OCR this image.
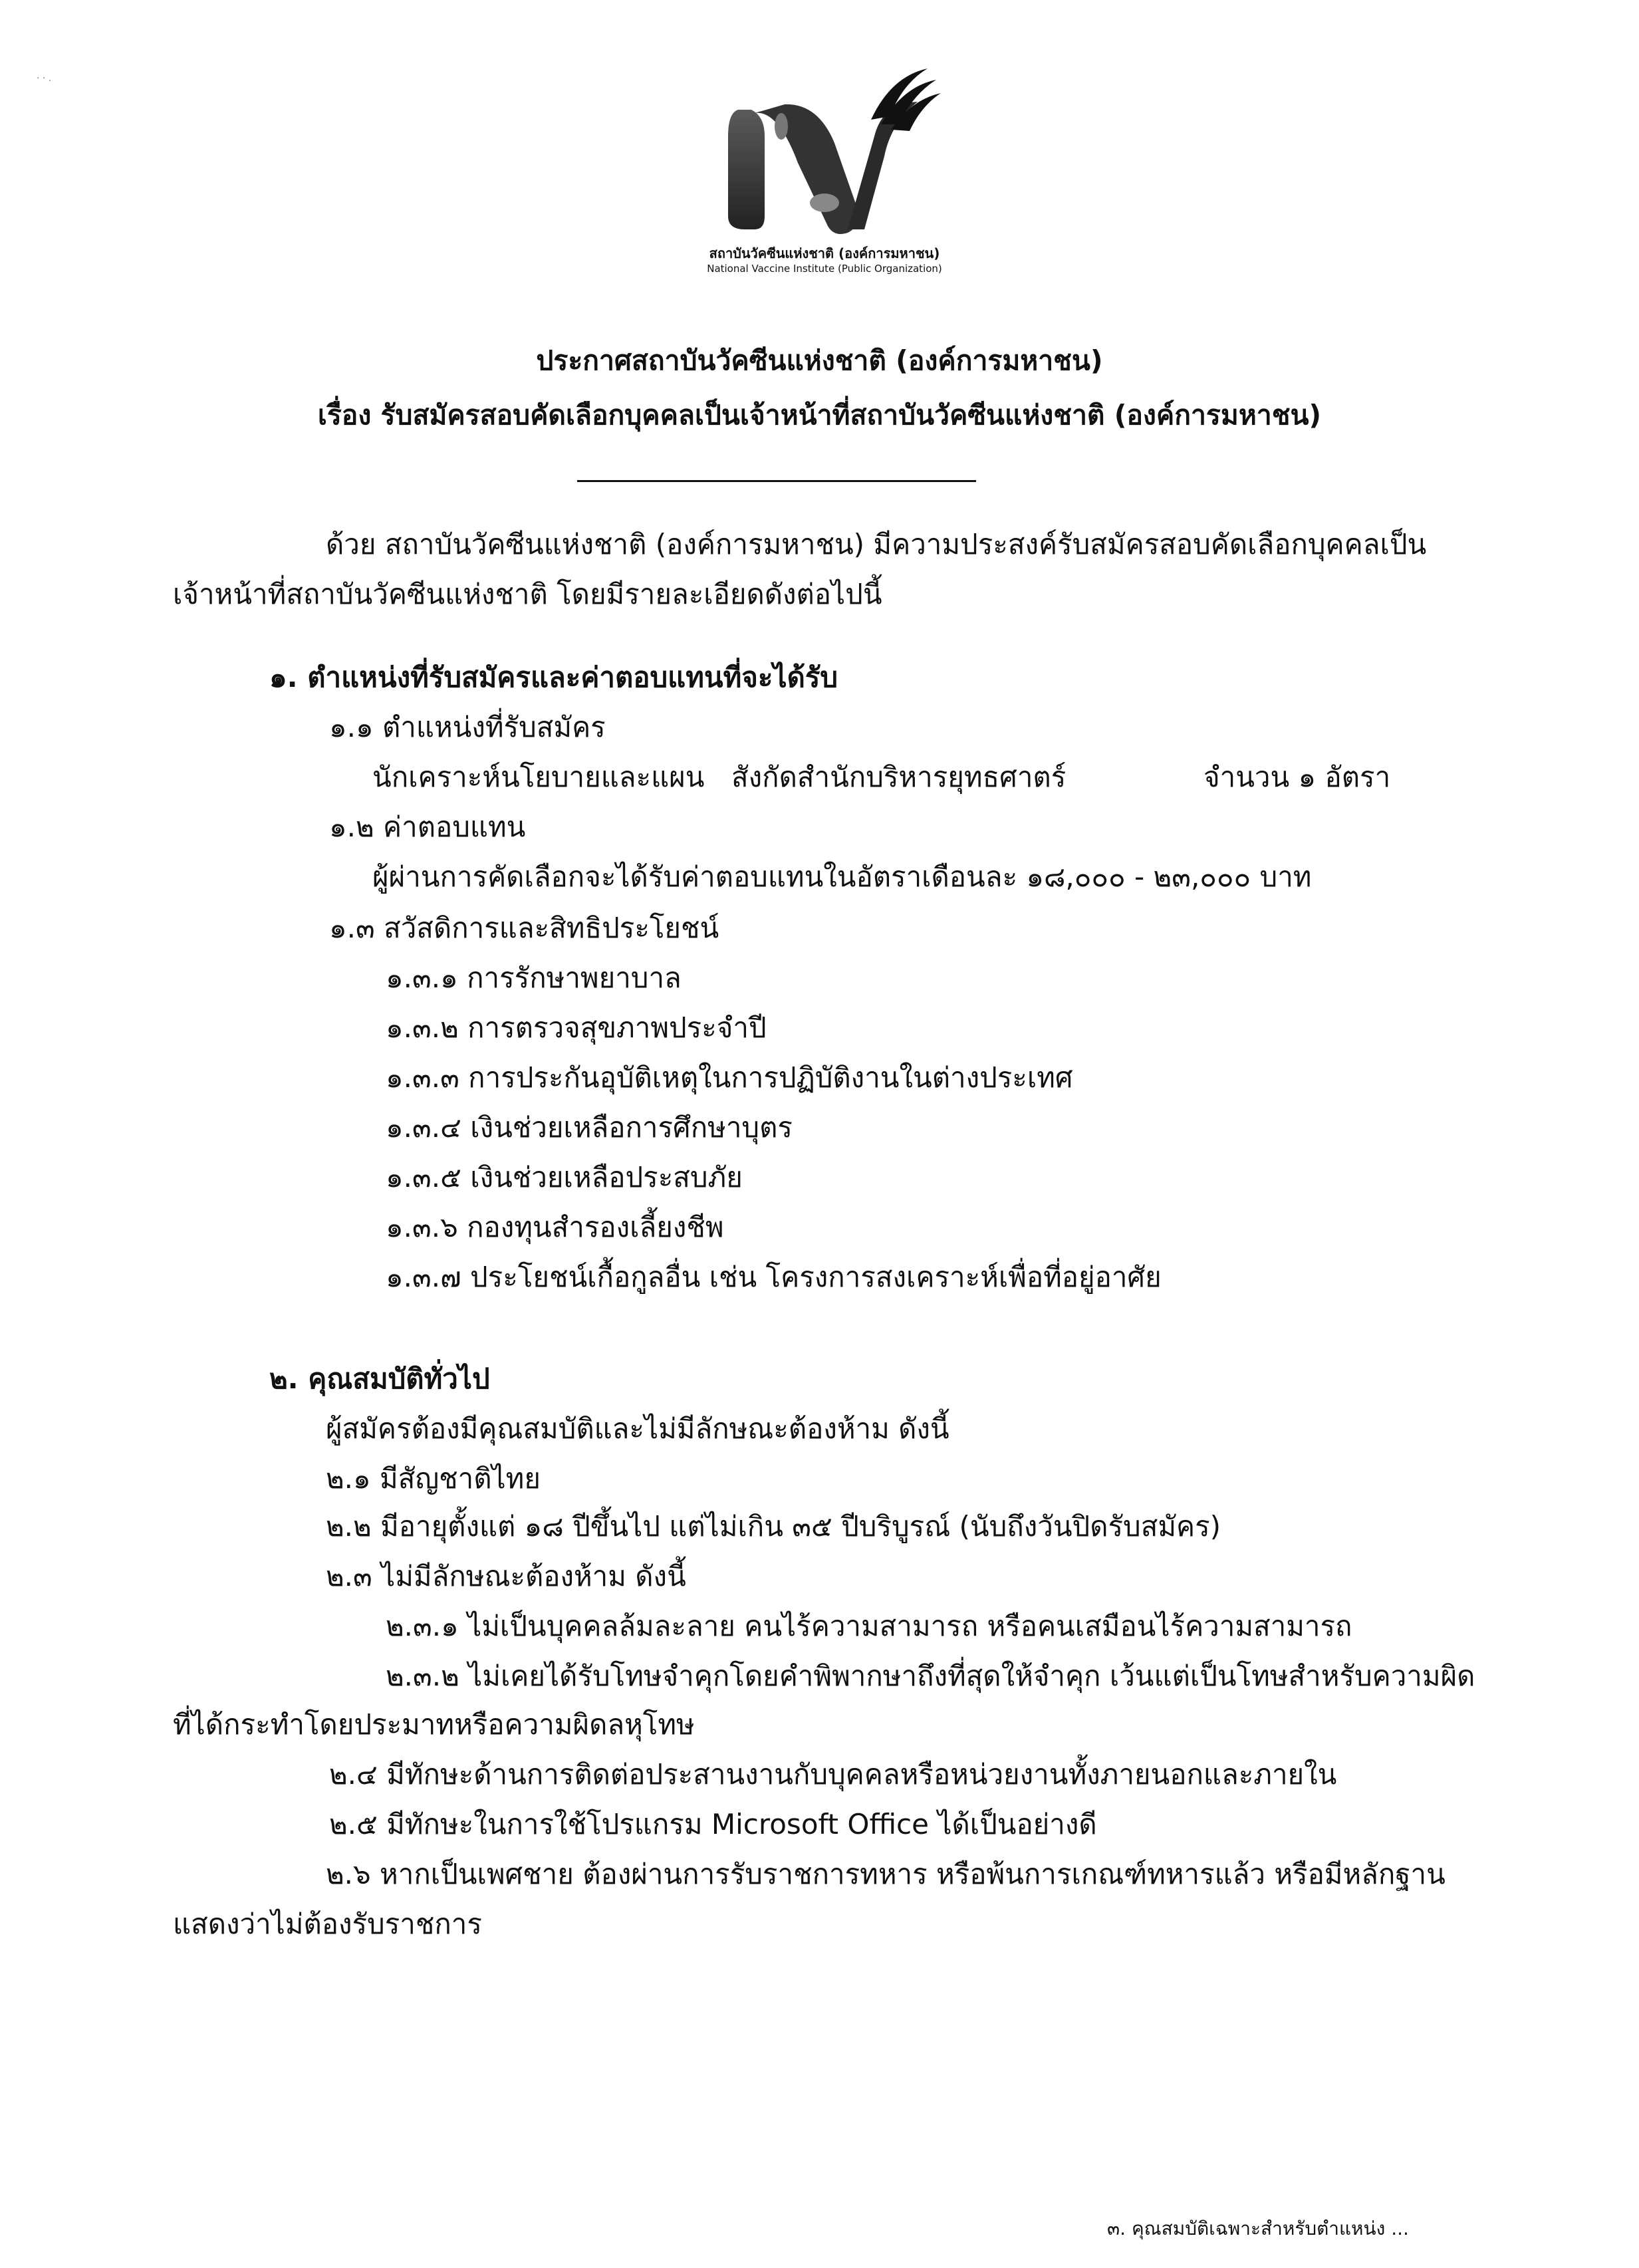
· · .
สถาบันวัคซีนแห่งชาติ (องค์การมหาชน)
National Vaccine Institute (Public Organization)
ประกาศสถาบันวัคซีนแห่งชาติ (องค์การมหาชน)
เรื่อง รับสมัครสอบคัดเลือกบุคคลเป็นเจ้าหน้าที่สถาบันวัคซีนแห่งชาติ (องค์การมหาชน)
ด้วย สถาบันวัคซีนแห่งชาติ (องค์การมหาชน) มีความประสงค์รับสมัครสอบคัดเลือกบุคคลเป็น
เจ้าหน้าที่สถาบันวัคซีนแห่งชาติ โดยมีรายละเอียดดังต่อไปนี้
๑. ตำแหน่งที่รับสมัครและค่าตอบแทนที่จะได้รับ
๑.๑ ตำแหน่งที่รับสมัคร
นักเคราะห์นโยบายและแผน สังกัดสำนักบริหารยุทธศาตร์	จำนวน ๑ อัตรา
๑.๒ ค่าตอบแทน
ผู้ผ่านการคัดเลือกจะได้รับค่าตอบแทนในอัตราเดือนละ ๑๘,๐๐๐ - ๒๓,๐๐๐ บาท
๑.๓ สวัสดิการและสิทธิประโยชน์
๑.๓.๑ การรักษาพยาบาล
๑.๓.๒ การตรวจสุขภาพประจำปี
๑.๓.๓ การประกันอุบัติเหตุในการปฏิบัติงานในต่างประเทศ
๑.๓.๔ เงินช่วยเหลือการศึกษาบุตร
๑.๓.๕ เงินช่วยเหลือประสบภัย
๑.๓.๖ กองทุนสำรองเลี้ยงชีพ
๑.๓.๗ ประโยชน์เกื้อกูลอื่น เช่น โครงการสงเคราะห์เพื่อที่อยู่อาศัย
๒. คุณสมบัติทั่วไป
ผู้สมัครต้องมีคุณสมบัติและไม่มีลักษณะต้องห้าม ดังนี้
๒.๑ มีสัญชาติไทย
๒.๒ มีอายุตั้งแต่ ๑๘ ปีขึ้นไป แต่ไม่เกิน ๓๕ ปีบริบูรณ์ (นับถึงวันปิดรับสมัคร)
๒.๓ ไม่มีลักษณะต้องห้าม ดังนี้
๒.๓.๑ ไม่เป็นบุคคลล้มละลาย คนไร้ความสามารถ หรือคนเสมือนไร้ความสามารถ
๒.๓.๒ ไม่เคยได้รับโทษจำคุกโดยคำพิพากษาถึงที่สุดให้จำคุก เว้นแต่เป็นโทษสำหรับความผิด
ที่ได้กระทำโดยประมาทหรือความผิดลหุโทษ
๒.๔ มีทักษะด้านการติดต่อประสานงานกับบุคคลหรือหน่วยงานทั้งภายนอกและภายใน
๒.๕ มีทักษะในการใช้โปรแกรม Microsoft Office ได้เป็นอย่างดี
๒.๖ หากเป็นเพศชาย ต้องผ่านการรับราชการทหาร หรือพ้นการเกณฑ์ทหารแล้ว หรือมีหลักฐาน
แสดงว่าไม่ต้องรับราชการ
๓. คุณสมบัติเฉพาะสำหรับตำแหน่ง ...
